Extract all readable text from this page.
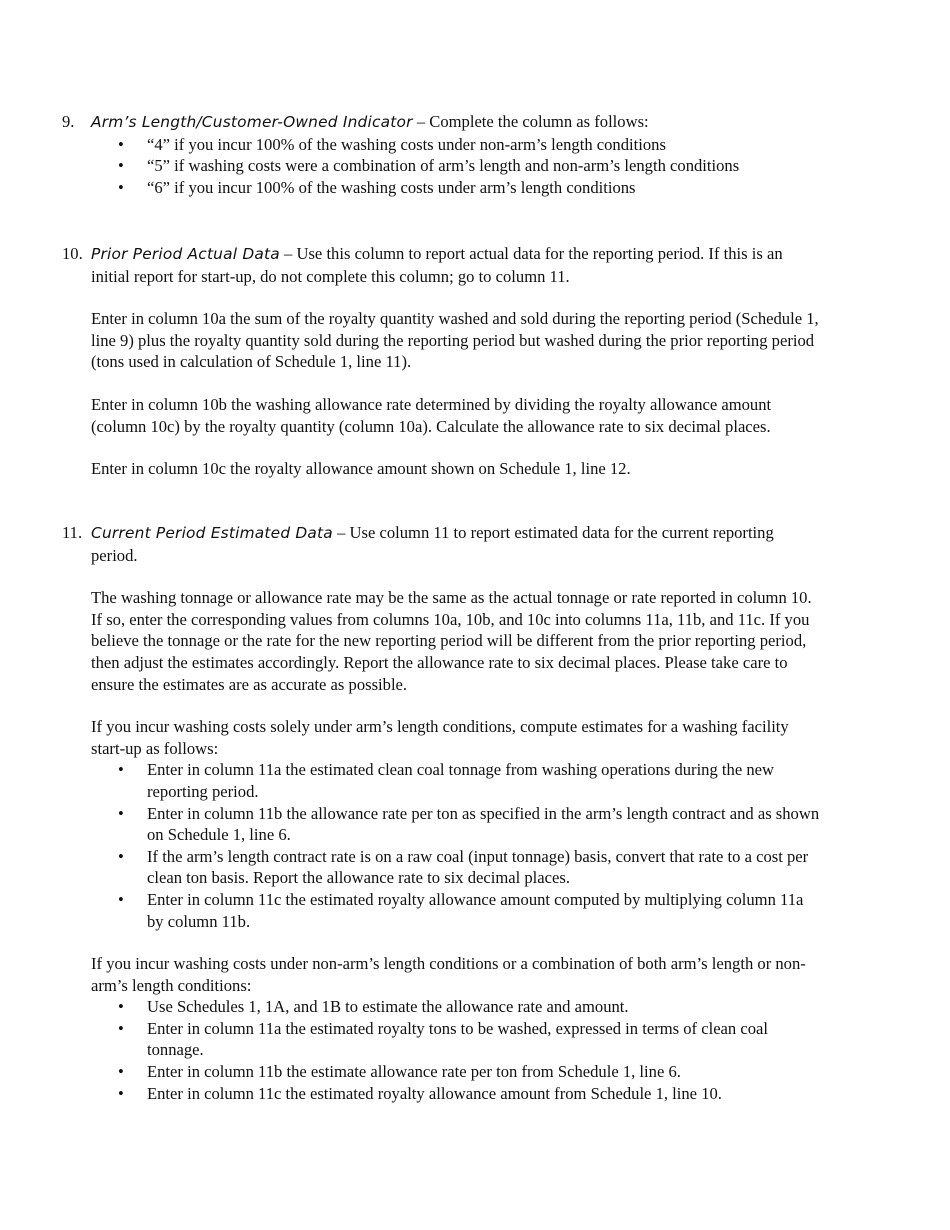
9. Arm’s Length/Customer-Owned Indicator – Complete the column as follows:

• “4” if you incur 100% of the washing costs under non-arm’s length conditions
• “5” if washing costs were a combination of arm’s length and non-arm’s length conditions
• “6” if you incur 100% of the washing costs under arm’s length conditions
10. Prior Period Actual Data – Use this column to report actual data for the reporting period. If this is an initial report for start-up, do not complete this column; go to column 11.

Enter in column 10a the sum of the royalty quantity washed and sold during the reporting period (Schedule 1, line 9) plus the royalty quantity sold during the reporting period but washed during the prior reporting period (tons used in calculation of Schedule 1, line 11).

Enter in column 10b the washing allowance rate determined by dividing the royalty allowance amount (column 10c) by the royalty quantity (column 10a). Calculate the allowance rate to six decimal places.

Enter in column 10c the royalty allowance amount shown on Schedule 1, line 12.

11. Current Period Estimated Data – Use column 11 to report estimated data for the current reporting period.

The washing tonnage or allowance rate may be the same as the actual tonnage or rate reported in column 10. If so, enter the corresponding values from columns 10a, 10b, and 10c into columns 11a, 11b, and 11c. If you believe the tonnage or the rate for the new reporting period will be different from the prior reporting period, then adjust the estimates accordingly. Report the allowance rate to six decimal places. Please take care to ensure the estimates are as accurate as possible.

If you incur washing costs solely under arm’s length conditions, compute estimates for a washing facility start-up as follows:

• Enter in column 11a the estimated clean coal tonnage from washing operations during the new reporting period.
• Enter in column 11b the allowance rate per ton as specified in the arm’s length contract and as shown on Schedule 1, line 6.
• If the arm’s length contract rate is on a raw coal (input tonnage) basis, convert that rate to a cost per clean ton basis. Report the allowance rate to six decimal places.
• Enter in column 11c the estimated royalty allowance amount computed by multiplying column 11a by column 11b.

If you incur washing costs under non-arm’s length conditions or a combination of both arm’s length or non-arm’s length conditions:

• Use Schedules 1, 1A, and 1B to estimate the allowance rate and amount.
• Enter in column 11a the estimated royalty tons to be washed, expressed in terms of clean coal tonnage.
• Enter in column 11b the estimate allowance rate per ton from Schedule 1, line 6.
• Enter in column 11c the estimated royalty allowance amount from Schedule 1, line 10.
